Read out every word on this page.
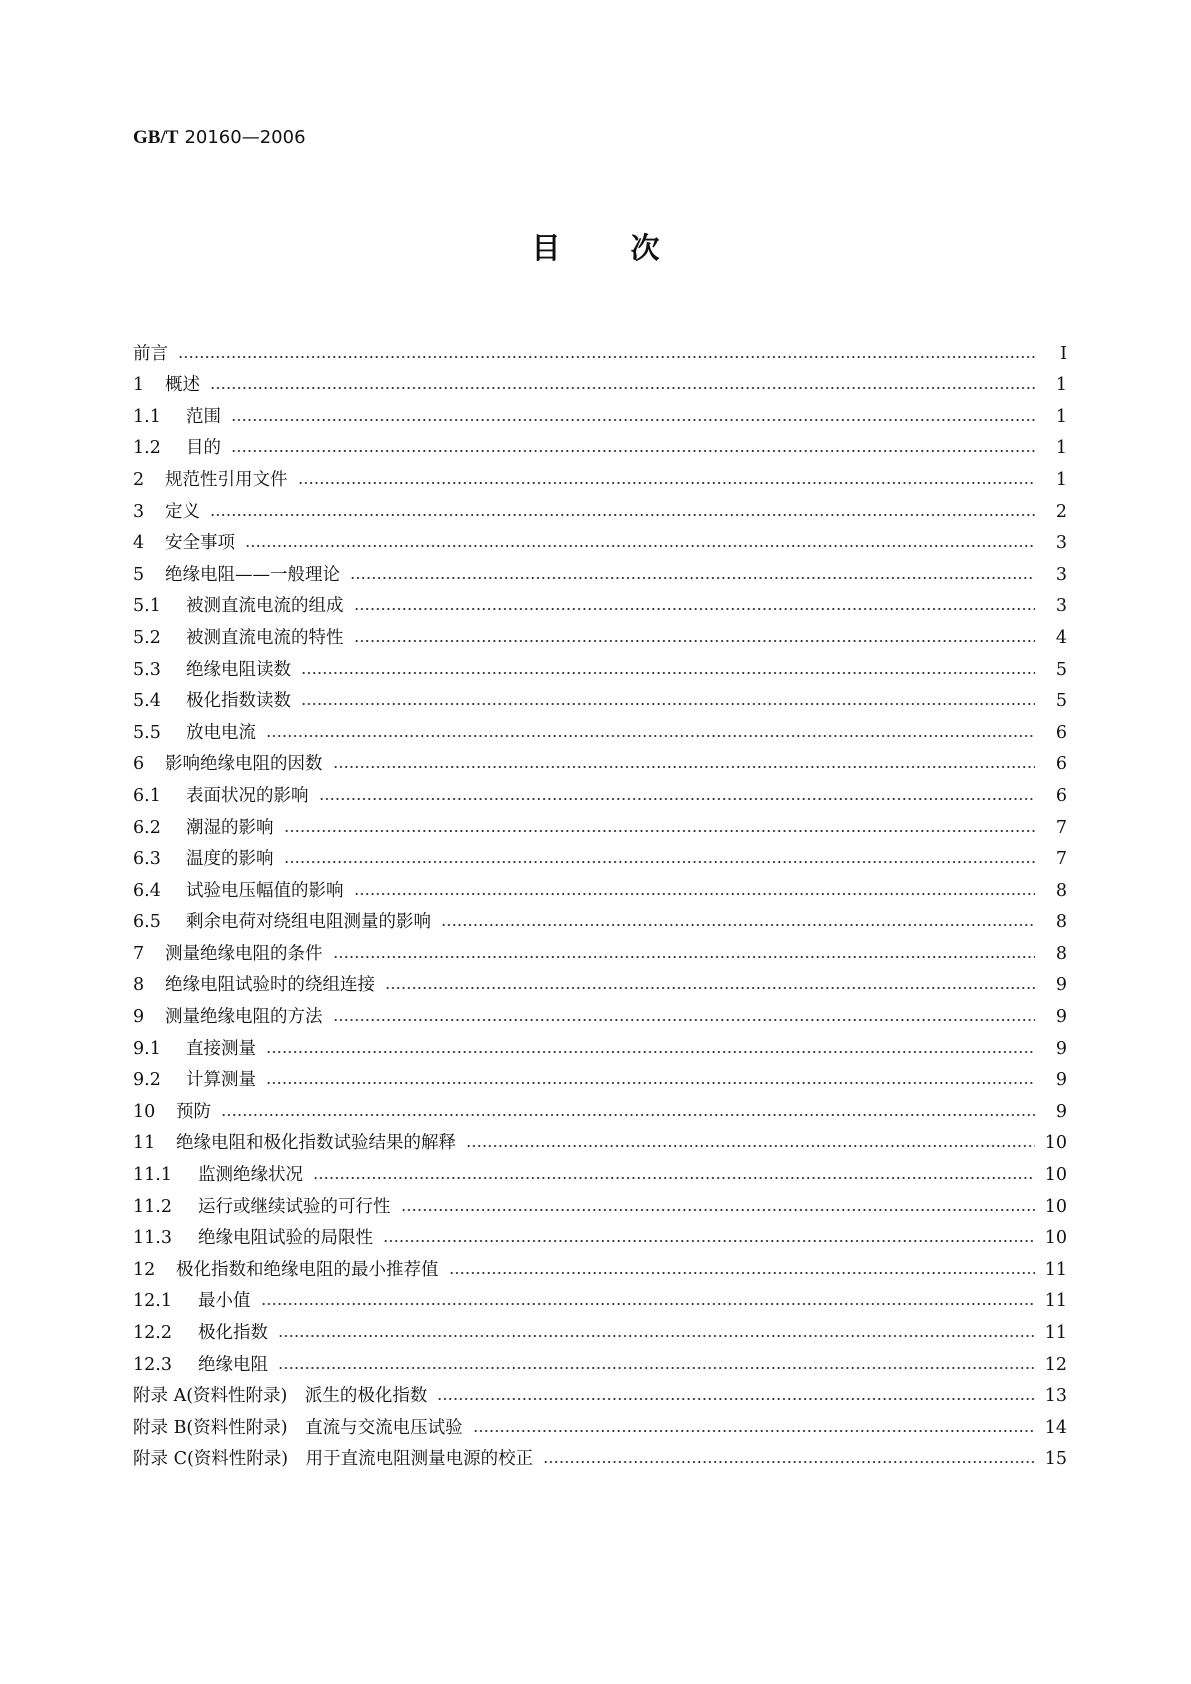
GB/T 20160—2006
目 次
前言	I
1	概述	1
1.1	范围	1
1.2	目的	1
2	规范性引用文件	1
3	定义	2
4	安全事项	3
5	绝缘电阻——一般理论	3
5.1	被测直流电流的组成	3
5.2	被测直流电流的特性	4
5.3	绝缘电阻读数	5
5.4	极化指数读数	5
5.5	放电电流	6
6	影响绝缘电阻的因数	6
6.1	表面状况的影响	6
6.2	潮湿的影响	7
6.3	温度的影响	7
6.4	试验电压幅值的影响	8
6.5	剩余电荷对绕组电阻测量的影响	8
7	测量绝缘电阻的条件	8
8	绝缘电阻试验时的绕组连接	9
9	测量绝缘电阻的方法	9
9.1	直接测量	9
9.2	计算测量	9
10	预防	9
11	绝缘电阻和极化指数试验结果的解释	10
11.1	监测绝缘状况	10
11.2	运行或继续试验的可行性	10
11.3	绝缘电阻试验的局限性	10
12	极化指数和绝缘电阻的最小推荐值	11
12.1	最小值	11
12.2	极化指数	11
12.3	绝缘电阻	12
附录 A(资料性附录)　派生的极化指数	13
附录 B(资料性附录)　直流与交流电压试验	14
附录 C(资料性附录)　用于直流电阻测量电源的校正	15
